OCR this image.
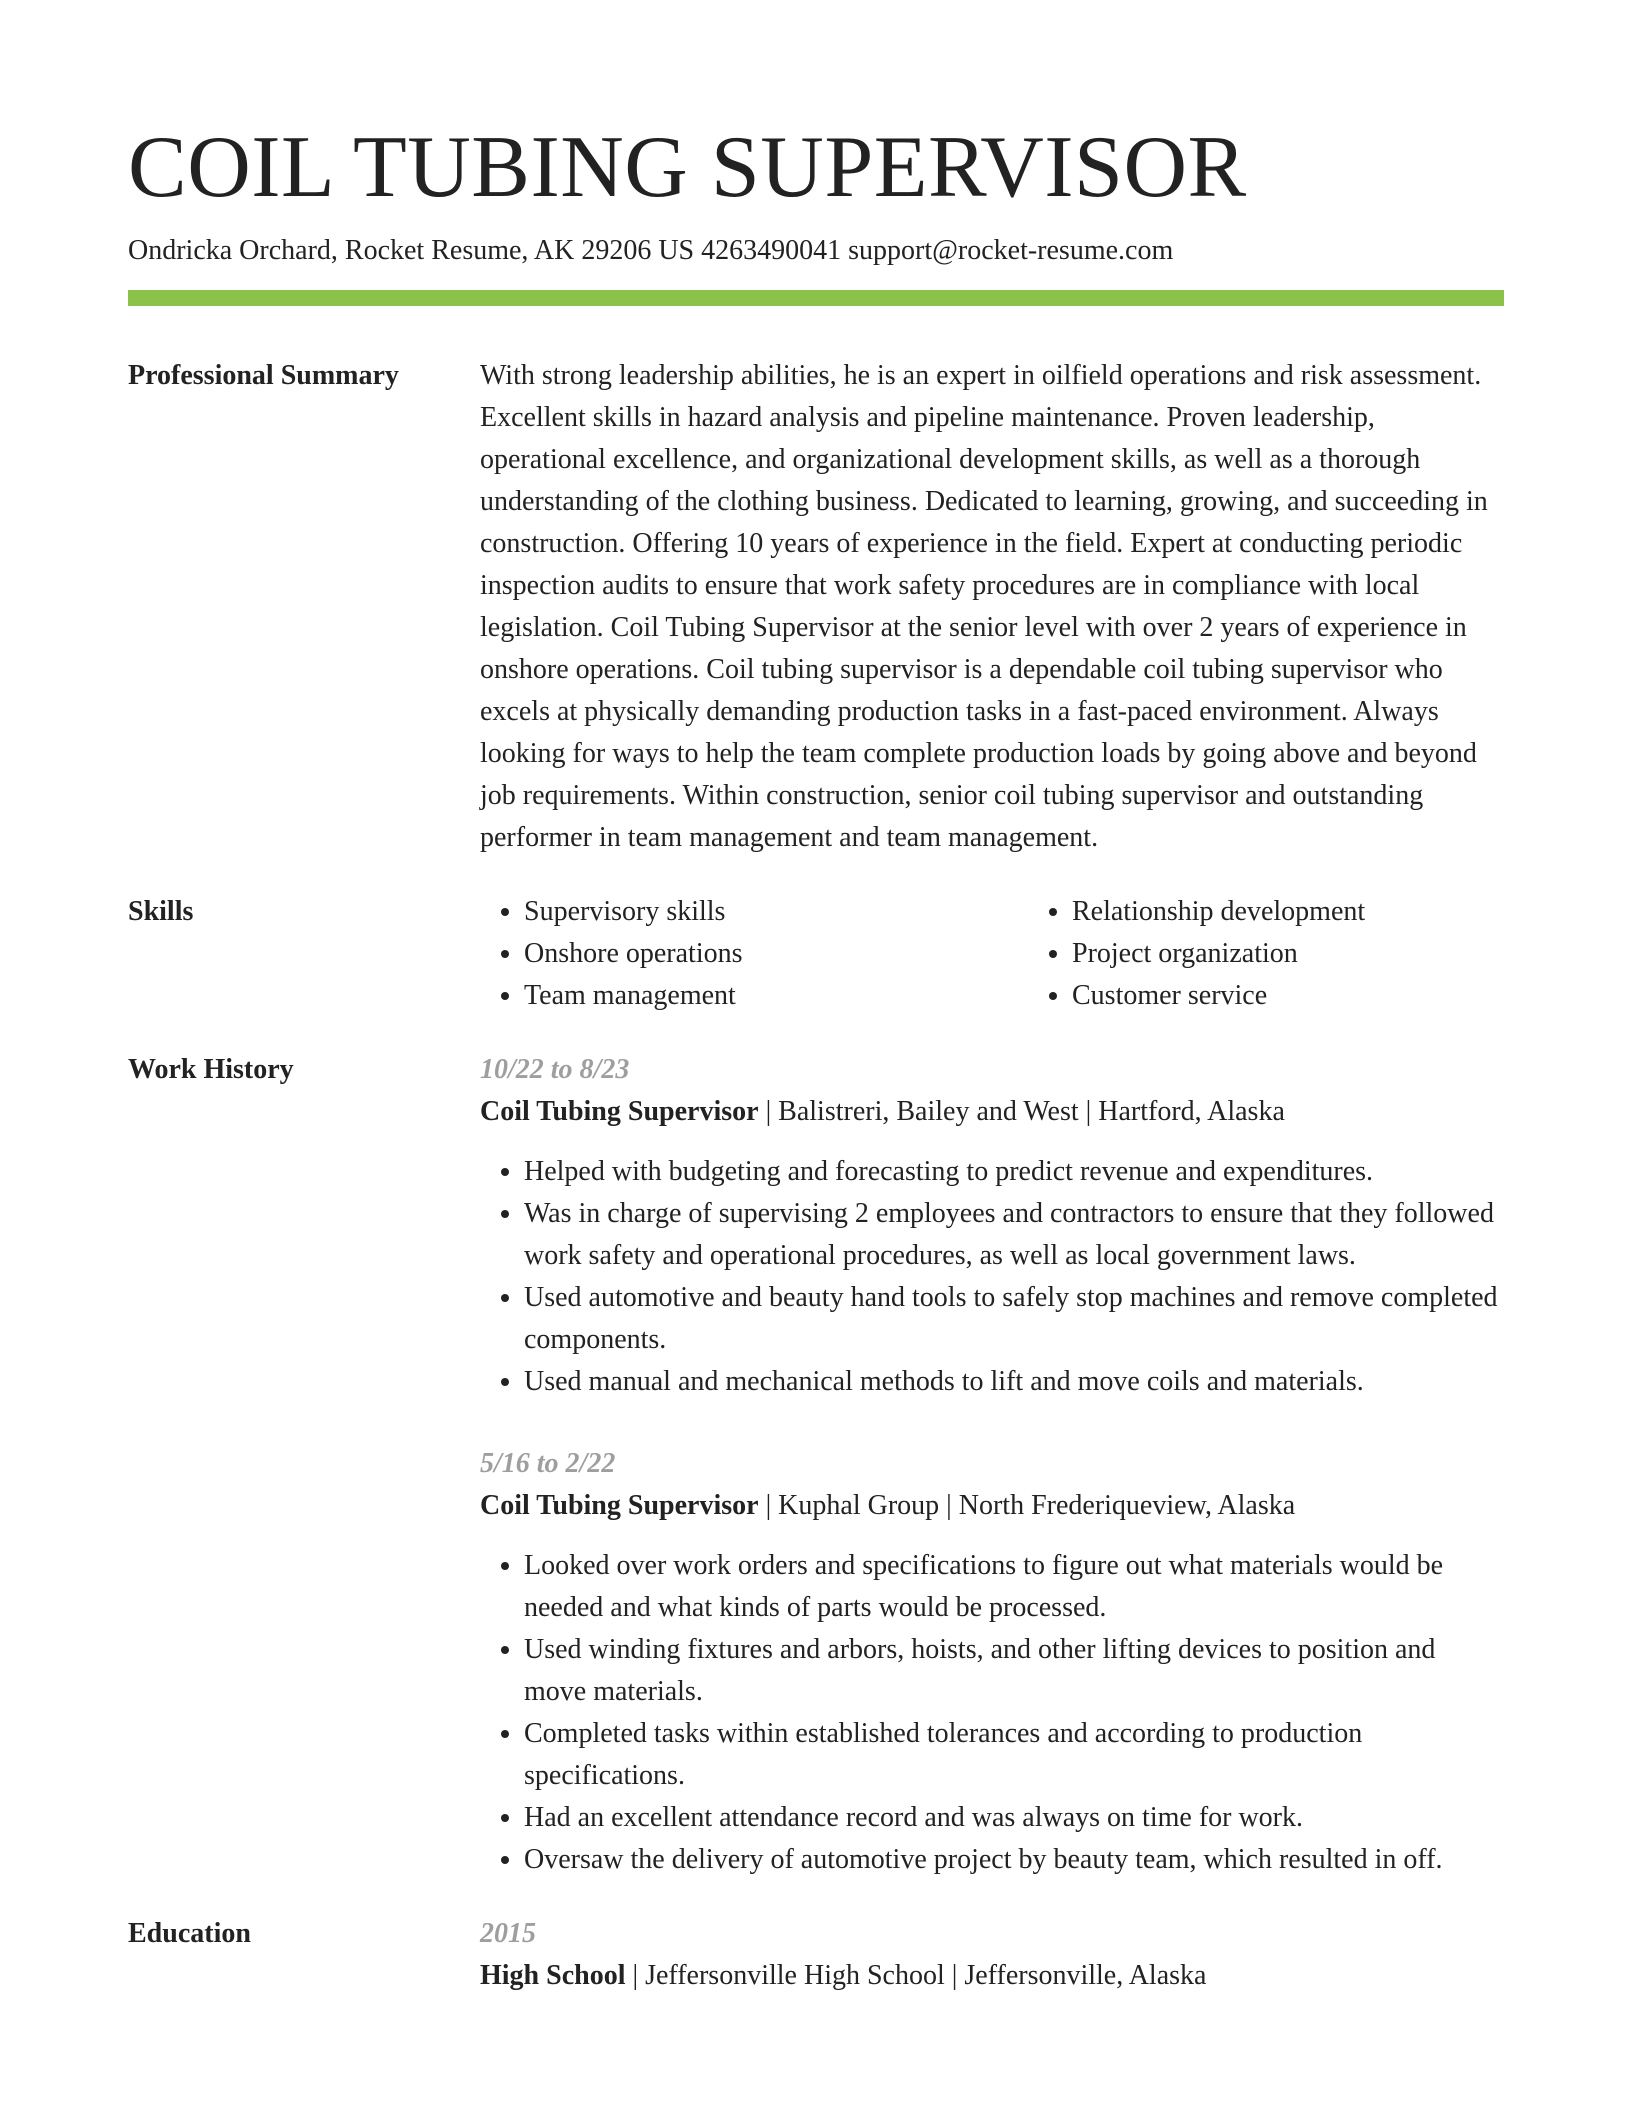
COIL TUBING SUPERVISOR
Ondricka Orchard, Rocket Resume, AK 29206 US 4263490041 support@rocket-resume.com
Professional Summary	With strong leadership abilities, he is an expert in oilfield operations and risk assessment. Excellent skills in hazard analysis and pipeline maintenance. Proven leadership, operational excellence, and organizational development skills, as well as a thorough understanding of the clothing business. Dedicated to learning, growing, and succeeding in construction. Offering 10 years of experience in the field. Expert at conducting periodic inspection audits to ensure that work safety procedures are in compliance with local legislation. Coil Tubing Supervisor at the senior level with over 2 years of experience in onshore operations. Coil tubing supervisor is a dependable coil tubing supervisor who excels at physically demanding production tasks in a fast-paced environment. Always looking for ways to help the team complete production loads by going above and beyond job requirements. Within construction, senior coil tubing supervisor and outstanding performer in team management and team management.

Skills
•	Supervisory skills
• Onshore operations
• Team management
• Relationship development
• Project organization
• Customer service
Work History	10/22 to 8/23
Coil Tubing Supervisor | Balistreri, Bailey and West | Hartford, Alaska
• Helped with budgeting and forecasting to predict revenue and expenditures.
• Was in charge of supervising 2 employees and contractors to ensure that they followed work safety and operational procedures, as well as local government laws.
• Used automotive and beauty hand tools to safely stop machines and remove completed components.
• Used manual and mechanical methods to lift and move coils and materials.
5/16 to 2/22
Coil Tubing Supervisor | Kuphal Group | North Frederiqueview, Alaska
• Looked over work orders and specifications to figure out what materials would be needed and what kinds of parts would be processed.
• Used winding fixtures and arbors, hoists, and other lifting devices to position and move materials.
• Completed tasks within established tolerances and according to production specifications.
• Had an excellent attendance record and was always on time for work.
• Oversaw the delivery of automotive project by beauty team, which resulted in off.
Education	2015
High School | Jeffersonville High School | Jeffersonville, Alaska
